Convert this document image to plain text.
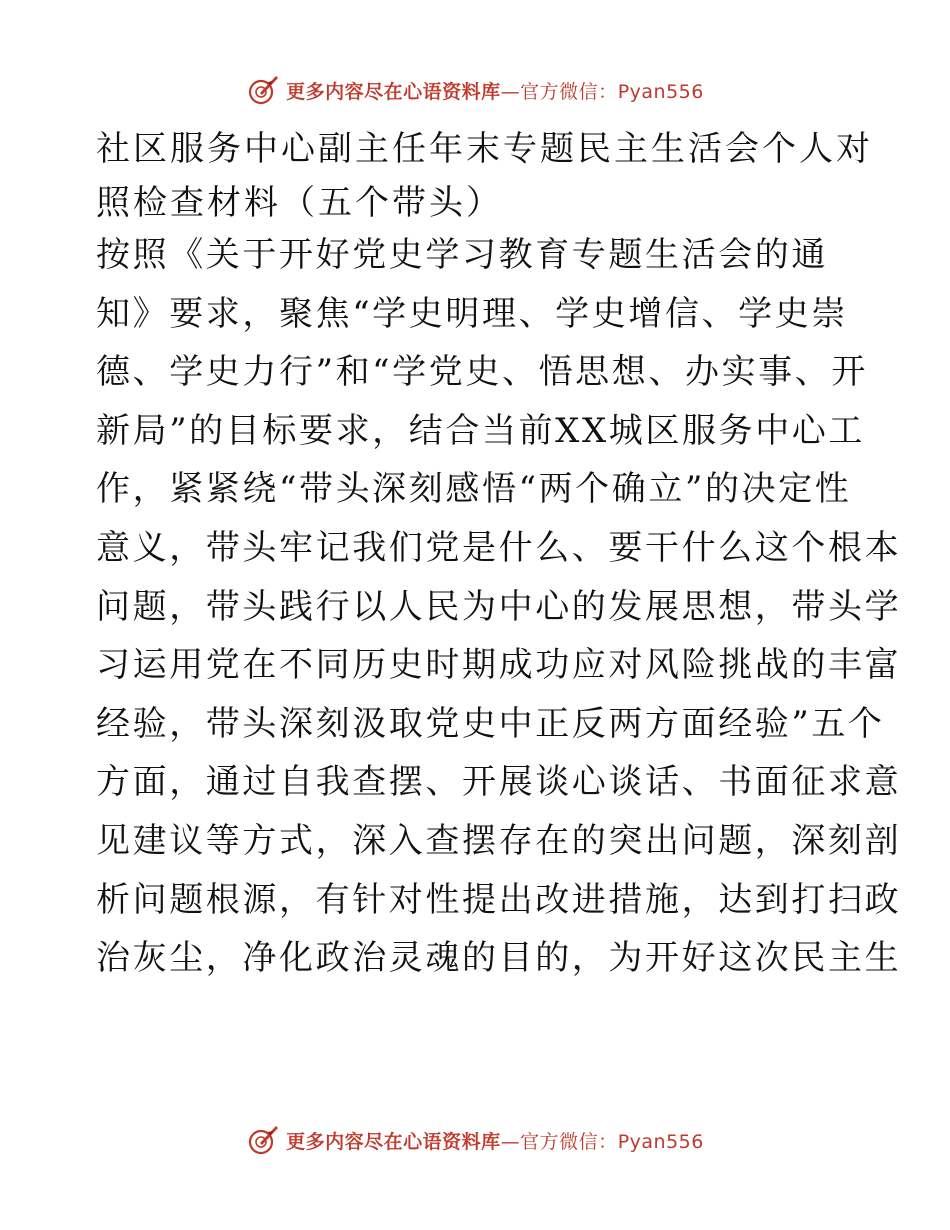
更多内容尽在心语资料库—官方微信：Pyan556
社区服务中心副主任年末专题民主生活会个人对
照检查材料（五个带头）
按照《关于开好党史学习教育专题生活会的通
知》要求，聚焦“学史明理、学史增信、学史崇
德、学史力行”和“学党史、悟思想、办实事、开
新局”的目标要求，结合当前XX城区服务中心工
作，紧紧绕“带头深刻感悟“两个确立”的决定性
意义，带头牢记我们党是什么、要干什么这个根本
问题，带头践行以人民为中心的发展思想，带头学
习运用党在不同历史时期成功应对风险挑战的丰富
经验，带头深刻汲取党史中正反两方面经验”五个
方面，通过自我查摆、开展谈心谈话、书面征求意
见建议等方式，深入查摆存在的突出问题，深刻剖
析问题根源，有针对性提出改进措施，达到打扫政
治灰尘，净化政治灵魂的目的，为开好这次民主生
更多内容尽在心语资料库—官方微信：Pyan556
